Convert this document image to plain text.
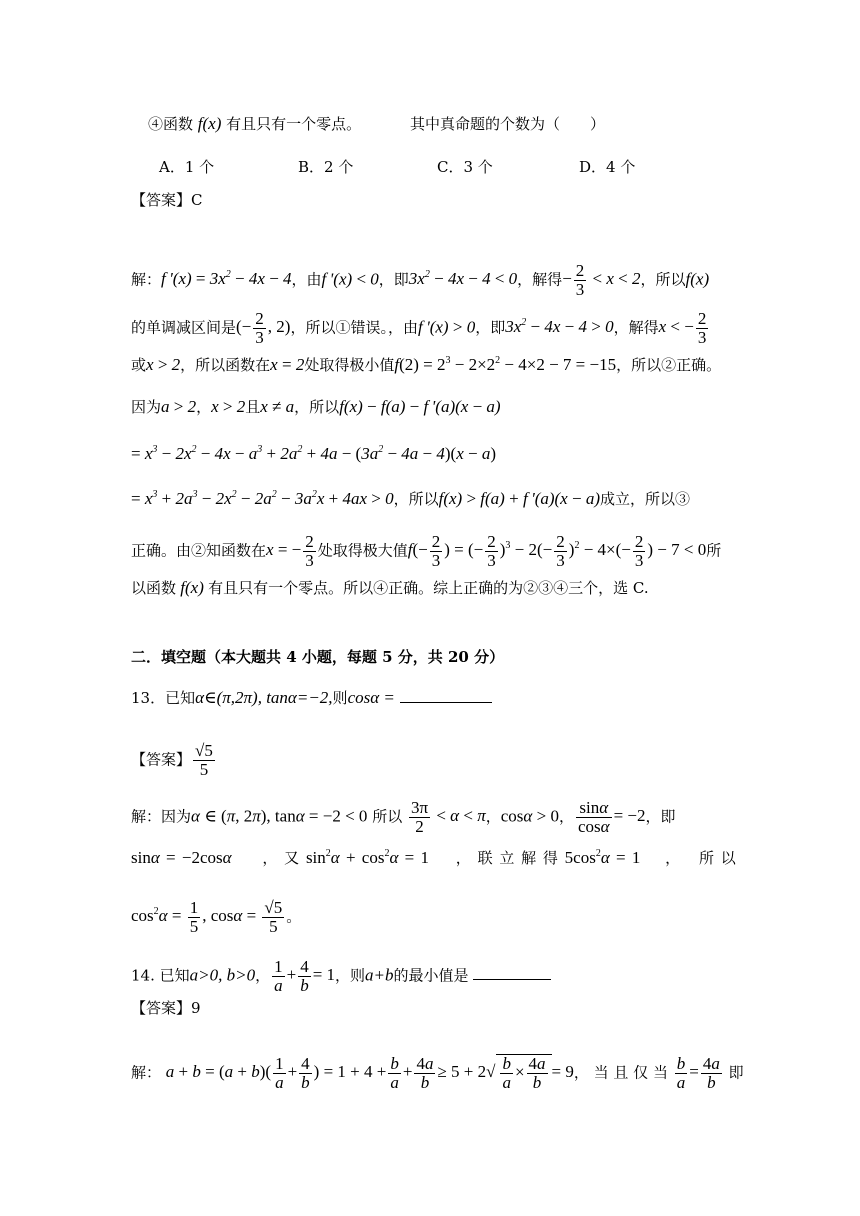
④函数 f(x) 有且只有一个零点。	其中真命题的个数为（　　）
A．1 个	B．2 个	C．3 个	D．4 个
【答案】C
解：f '$(x) = 3x^2 - 4x - 4$，由f '(x) < 0，即$3x^2 - 4x - 4 < 0$，解得− $\frac{2}{3} < x < 2$，所以f(x)
的单调减区间是(− $\frac{2}{3}$ , 2)，所以①错误。，由f '(x) > 0，即$3x^2 - 4x - 4 > 0$，解得x < − $\frac{2}{3}$
或x > 2，所以函数在x = 2处取得极小值$f(2) = 2^3 - 2\times 2^2 - 4\times 2 - 7 = -15$，所以②正确。
因为a > 2，x > 2且x ≠ a，所以f(x) − f(a) − f '(a)(x − a)
= $x^3 - 2x^2 - 4x - a^3 + 2a^2 + 4a - (3a^2 - 4a - 4)(x - a)$
= $x^3 + 2a^3 - 2x^2 - 2a^2 - 3a^2x + 4ax > 0$，所以f(x) > f(a) + f '(a)(x − a)成立，所以③
正确。由②知函数在x = − $\frac{2}{3}$ 处取得极大值$f(- \frac{2}{3}$ ) = (− $\frac{2}{3} )^3 - 2(- \frac{2}{3} )^2 - 4\times(- \frac{2}{3}$ ) − 7 < 0所
以函数 f(x) 有且只有一个零点。所以④正确。综上正确的为②③④三个，选 C.
二．填空题（本大题共 4 小题，每题 5 分，共 20 分）
13．已知α∈(π,2π), tanα=−2,则cosα =
【答案】 $\frac{√5}{5}$
解：因为α ∈ (π, 2π), tanα = −2 < 0 所以 $\frac{3\pi}{2} < \alpha < \pi$，cosα > 0， $\frac{\sin\alpha}{\cos\alpha} = -2$，即
sinα = −2cosα ， 又 $\sin^2\alpha + \cos^2\alpha = 1$ ， 联 立 解 得 $5\cos^2\alpha = 1$ ， 所 以
$\cos^2\alpha = \frac{1}{5}$ , $\cos\alpha = \frac{√5}{5}$ 。
14. 已知a>0, b>0， $\frac{1}{a} + \frac{4}{b} = 1$，则a+b的最小值是
【答案】9
解： $a + b = (a + b)( \frac{1}{a} + \frac{4}{b}$ ) = $1 + 4 + \frac{b}{a} + \frac{4a}{b} \ge 5 + 2√ \frac{b}{a} \times \frac{4a}{b} = 9$， 当 且 仅 当 $\frac{b}{a} = \frac{4a}{b}$ 即
